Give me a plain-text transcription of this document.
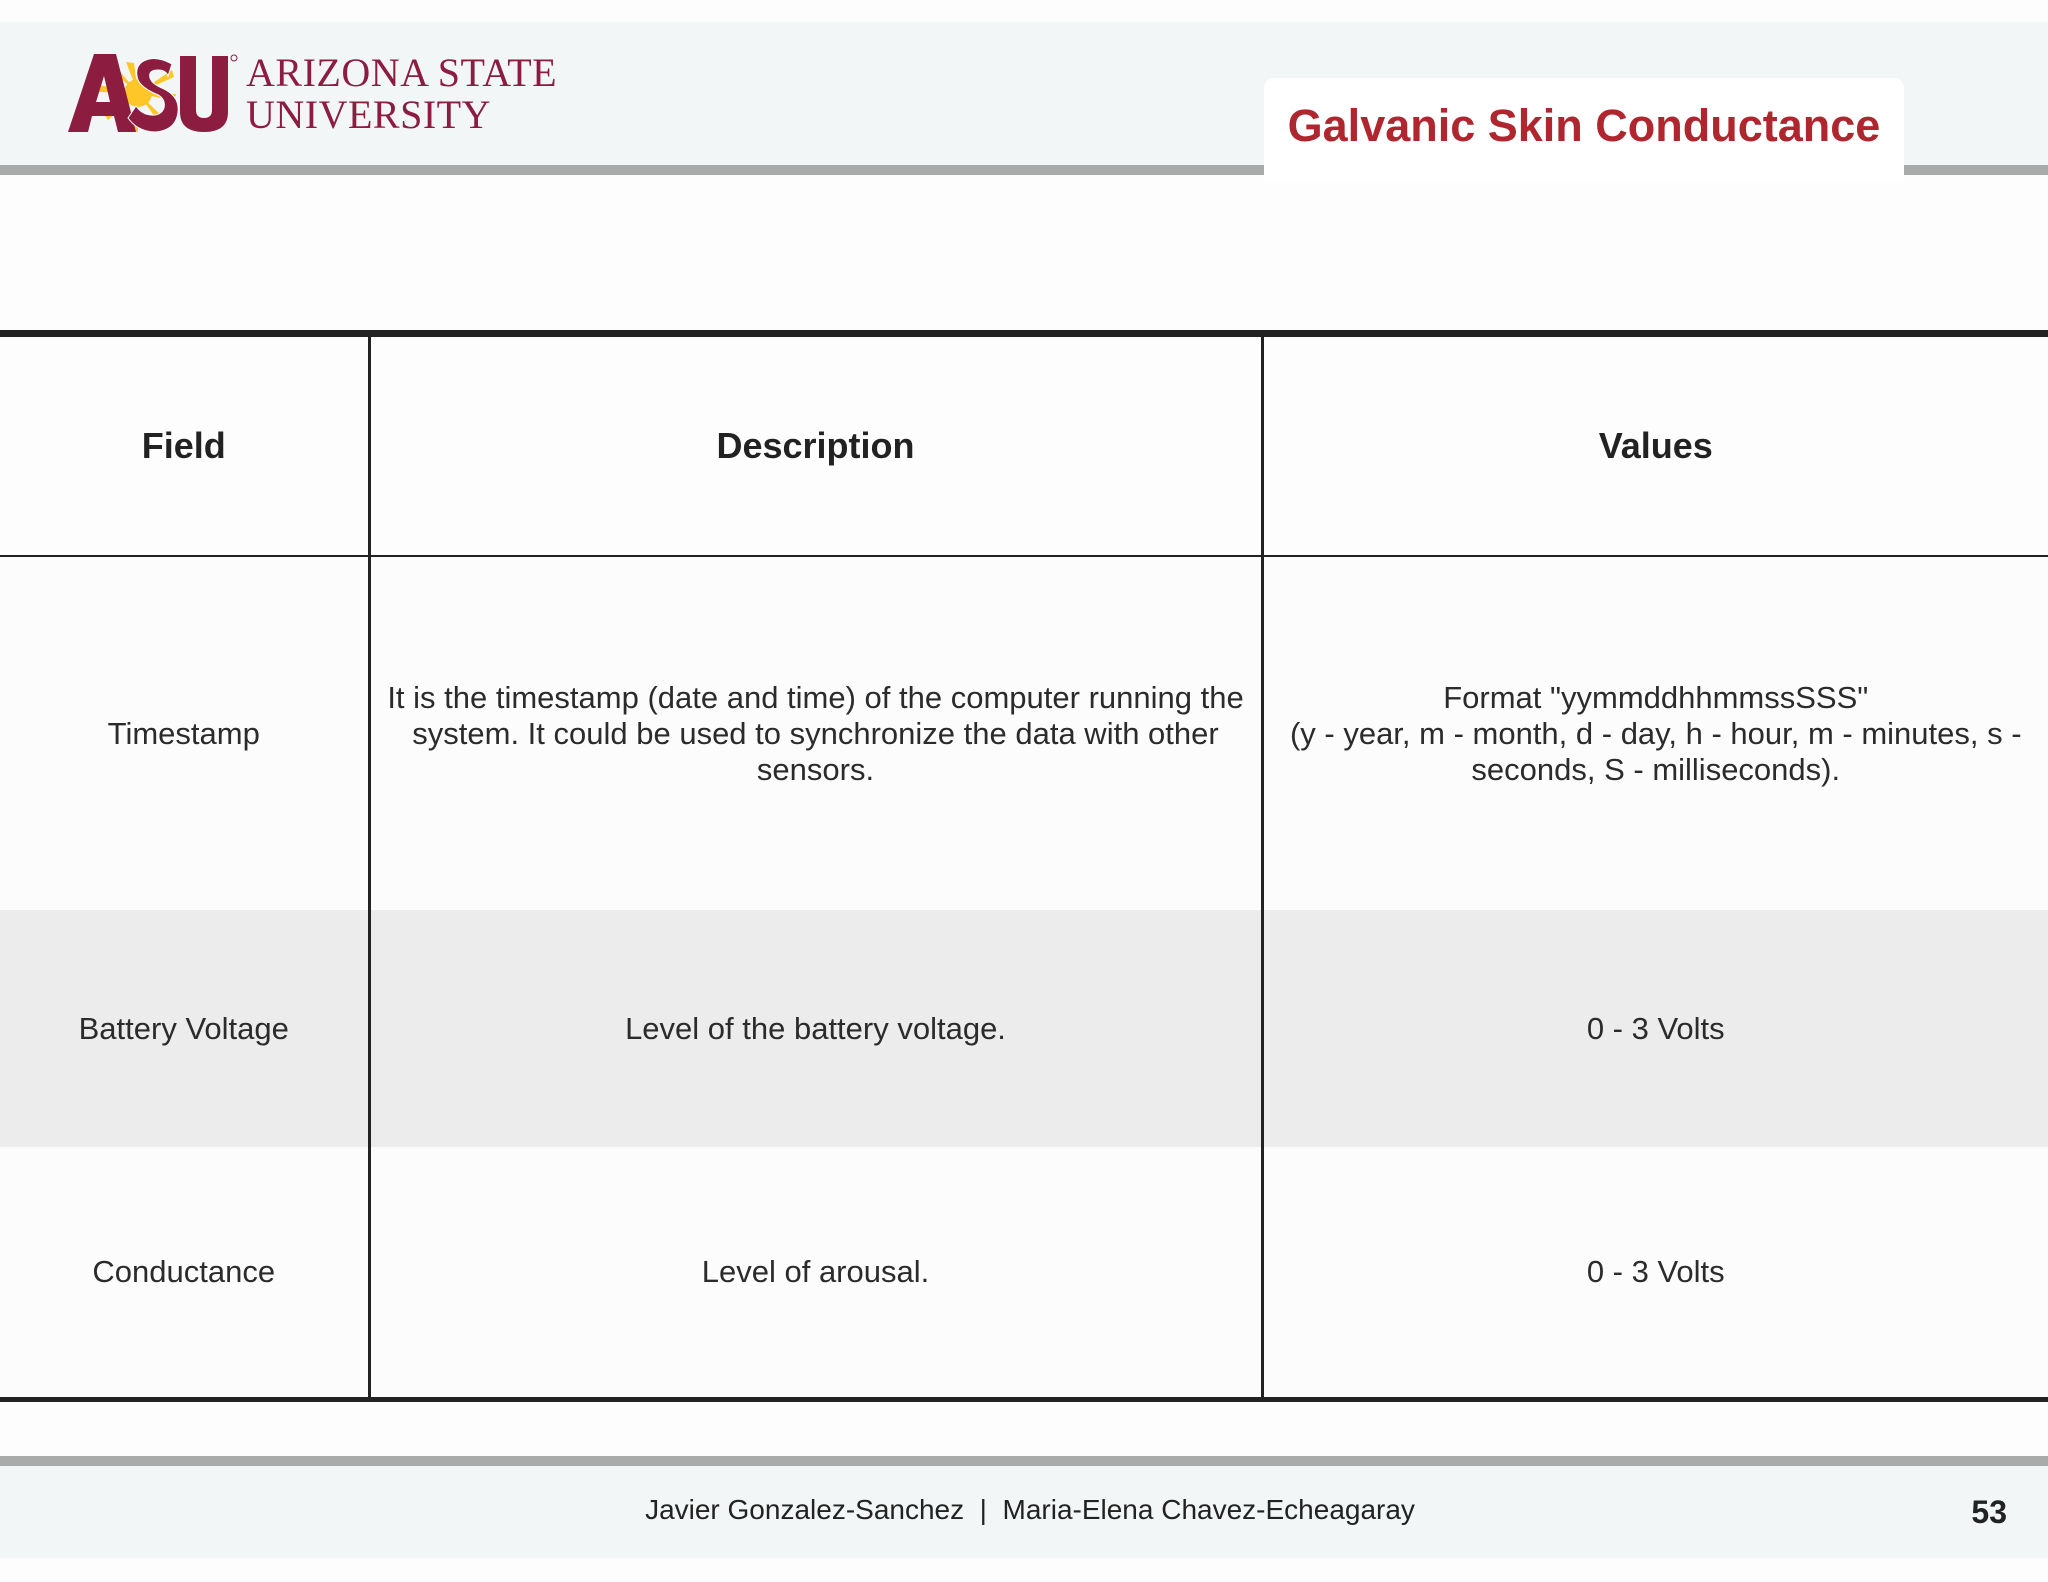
ARIZONA STATE
UNIVERSITY	Galvanic Skin Conductance
Field	Description	Values
Timestamp	It is the timestamp (date and time) of the computer running the system. It could be used to synchronize the data with other sensors.	Format "yymmddhhmmssSSS"
(y - year, m - month, d - day, h - hour, m - minutes, s - seconds, S - milliseconds).
Battery Voltage	Level of the battery voltage.	0 - 3 Volts
Conductance	Level of arousal.	0 - 3 Volts
Javier Gonzalez-Sanchez  |  Maria-Elena Chavez-Echeagaray	53
